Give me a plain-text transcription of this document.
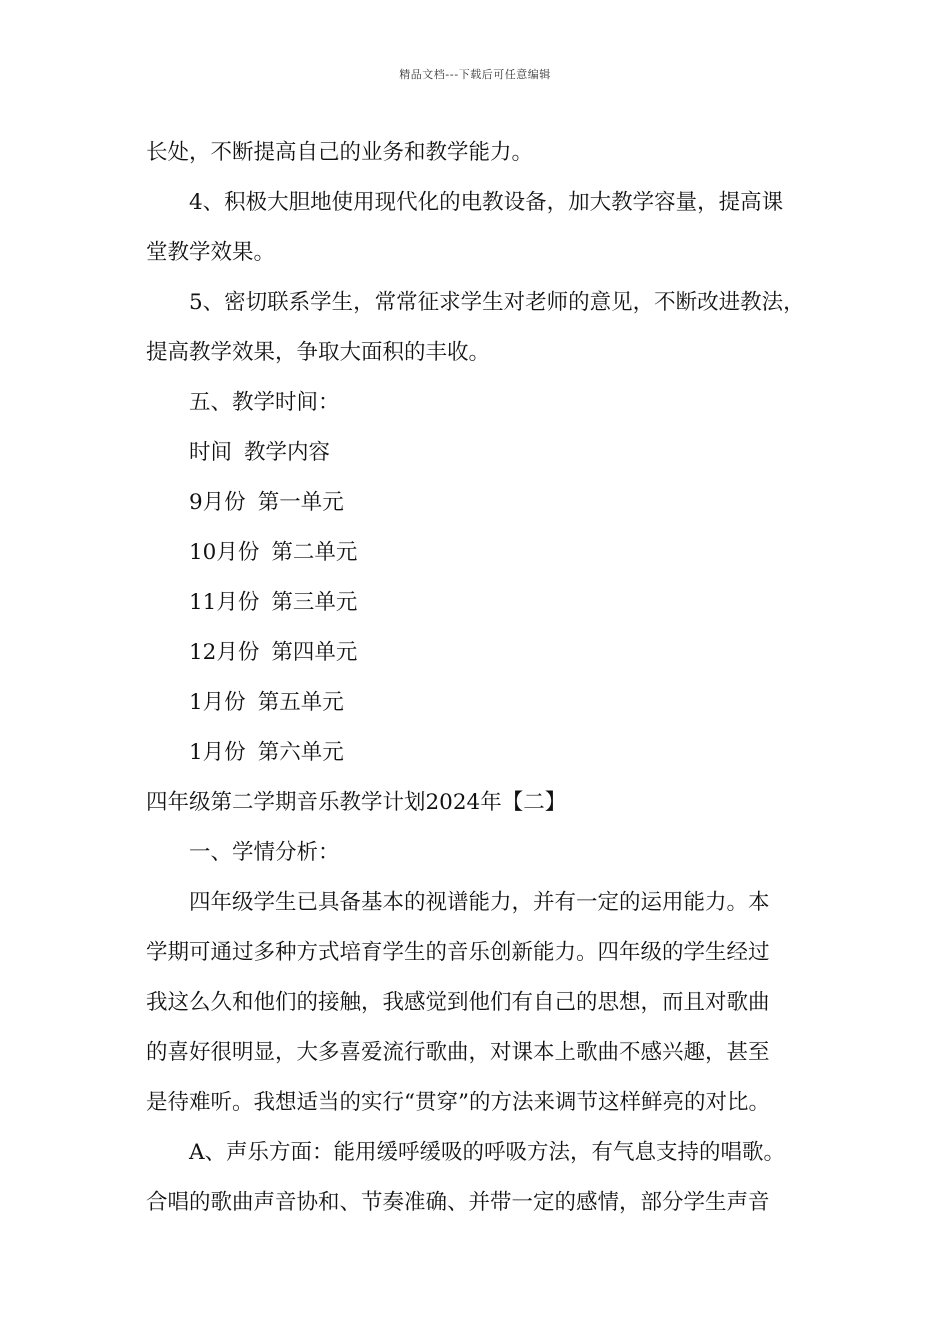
精品文档---下载后可任意编辑
长处，不断提高自己的业务和教学能力。
4、积极大胆地使用现代化的电教设备，加大教学容量，提高课
堂教学效果。
5、密切联系学生，常常征求学生对老师的意见，不断改进教法，
提高教学效果，争取大面积的丰收。
五、教学时间：
时间 教学内容
9月份 第一单元
10月份 第二单元
11月份 第三单元
12月份 第四单元
1月份 第五单元
1月份 第六单元
四年级第二学期音乐教学计划2024年【二】
一、学情分析：
四年级学生已具备基本的视谱能力，并有一定的运用能力。本
学期可通过多种方式培育学生的音乐创新能力。四年级的学生经过
我这么久和他们的接触，我感觉到他们有自己的思想，而且对歌曲
的喜好很明显，大多喜爱流行歌曲，对课本上歌曲不感兴趣，甚至
是待难听。我想适当的实行“贯穿”的方法来调节这样鲜亮的对比。
A、声乐方面：能用缓呼缓吸的呼吸方法，有气息支持的唱歌。
合唱的歌曲声音协和、节奏准确、并带一定的感情，部分学生声音
